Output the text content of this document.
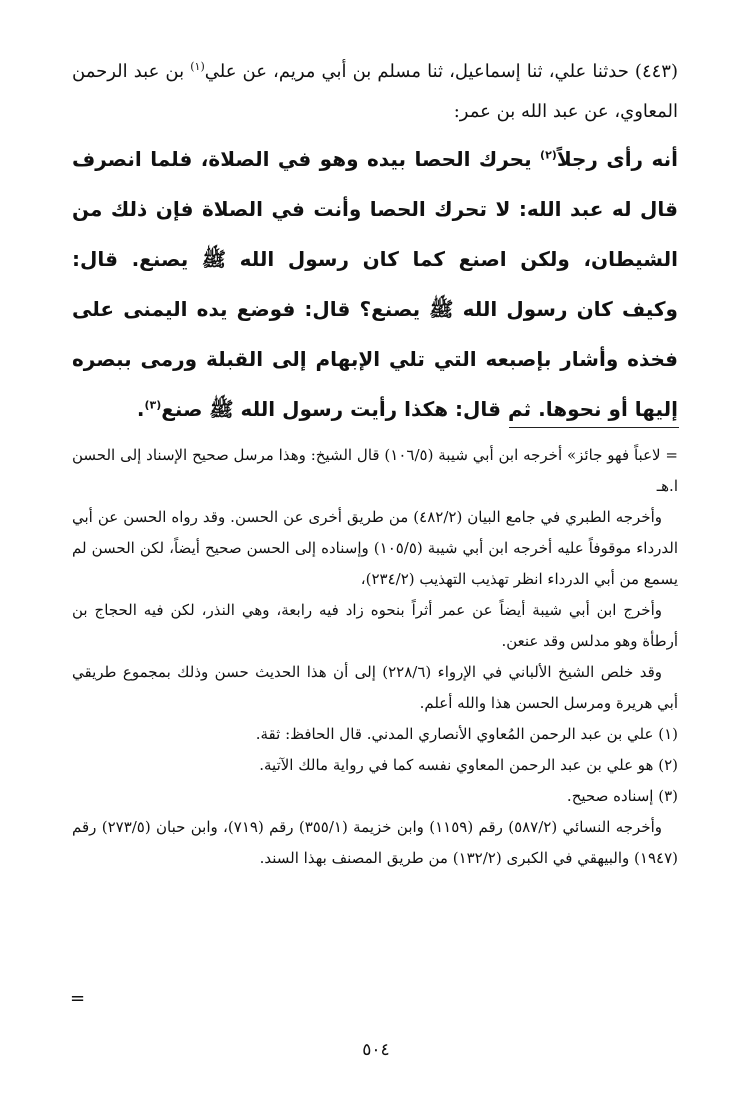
(٤٤٣) حدثنا علي، ثنا إسماعيل، ثنا مسلم بن أبي مريم، عن علي$^{(١)}$ بن عبد الرحمن المعاوي، عن عبد الله بن عمر:
أنه رأى رجلاً$^{(٢)}$ يحرك الحصا بيده وهو في الصلاة، فلما انصرف قال له عبد الله: لا تحرك الحصا وأنت في الصلاة فإن ذلك من الشيطان، ولكن اصنع كما كان رسول الله ﷺ يصنع. قال: وكيف كان رسول الله ﷺ يصنع؟ قال: فوضع يده اليمنى على فخذه وأشار بإصبعه التي تلي الإبهام إلى القبلة ورمى ببصره إليها أو نحوها. ثم قال: هكذا رأيت رسول الله ﷺ صنع$^{(٣)}$.

= لاعباً فهو جائز» أخرجه ابن أبي شيبة (١٠٦/٥) قال الشيخ: وهذا مرسل صحيح الإسناد إلى الحسن ا.هـ

وأخرجه الطبري في جامع البيان (٤٨٢/٢) من طريق أخرى عن الحسن. وقد رواه الحسن عن أبي الدرداء موقوفاً عليه أخرجه ابن أبي شيبة (١٠٥/٥) وإسناده إلى الحسن صحيح أيضاً، لكن الحسن لم يسمع من أبي الدرداء انظر تهذيب التهذيب (٢٣٤/٢)،

وأخرج ابن أبي شيبة أيضاً عن عمر أثراً بنحوه زاد فيه رابعة، وهي النذر، لكن فيه الحجاج بن أرطأة وهو مدلس وقد عنعن.

وقد خلص الشيخ الألباني في الإرواء (٢٢٨/٦) إلى أن هذا الحديث حسن وذلك بمجموع طريقي أبي هريرة ومرسل الحسن هذا والله أعلم.

(١) علي بن عبد الرحمن المُعاوي الأنصاري المدني. قال الحافظ: ثقة.

(٢) هو علي بن عبد الرحمن المعاوي نفسه كما في رواية مالك الآتية.

(٣) إسناده صحيح.

وأخرجه النسائي (٥٨٧/٢) رقم (١١٥٩) وابن خزيمة (٣٥٥/١) رقم (٧١٩)، وابن حبان (٢٧٣/٥) رقم (١٩٤٧) والبيهقي في الكبرى (١٣٢/٢) من طريق المصنف بهذا السند.

=
٥٠٤
